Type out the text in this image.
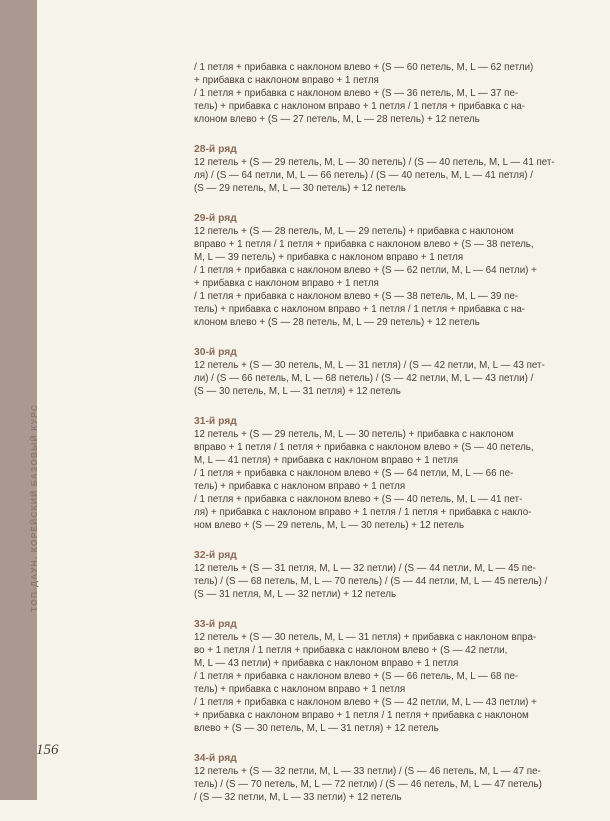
ТОП-ДАУН. КОРЕЙСКИЙ БАЗОВЫЙ КУРС
156
/ 1 петля + прибавка с наклоном влево + (S — 60 петель, M, L — 62 петли)
+ прибавка с наклоном вправо + 1 петля
/ 1 петля + прибавка с наклоном влево + (S — 36 петель, M, L — 37 пе-
тель) + прибавка с наклоном вправо + 1 петля / 1 петля + прибавка с на-
клоном влево + (S — 27 петель, M, L — 28 петель) + 12 петель
28-й ряд
12 петель + (S — 29 петель, M, L — 30 петель) / (S — 40 петель, M, L — 41 пет-
ля) / (S — 64 петли, M, L — 66 петель) / (S — 40 петель, M, L — 41 петля) /
(S — 29 петель, M, L — 30 петель) + 12 петель
29-й ряд
12 петель + (S — 28 петель, M, L — 29 петель) + прибавка с наклоном
вправо + 1 петля / 1 петля + прибавка с наклоном влево + (S — 38 петель,
M, L — 39 петель) + прибавка с наклоном вправо + 1 петля
/ 1 петля + прибавка с наклоном влево + (S — 62 петли, M, L — 64 петли) +
+ прибавка с наклоном вправо + 1 петля
/ 1 петля + прибавка с наклоном влево + (S — 38 петель, M, L — 39 пе-
тель) + прибавка с наклоном вправо + 1 петля / 1 петля + прибавка с на-
клоном влево + (S — 28 петель, M, L — 29 петель) + 12 петель
30-й ряд
12 петель + (S — 30 петель, M, L — 31 петля) / (S — 42 петли, M, L — 43 пет-
ли) / (S — 66 петель, M, L — 68 петель) / (S — 42 петли, M, L — 43 петли) /
(S — 30 петель, M, L — 31 петля) + 12 петель
31-й ряд
12 петель + (S — 29 петель, M, L — 30 петель) + прибавка с наклоном
вправо + 1 петля / 1 петля + прибавка с наклоном влево + (S — 40 петель,
M, L — 41 петля) + прибавка с наклоном вправо + 1 петля
/ 1 петля + прибавка с наклоном влево + (S — 64 петли, M, L — 66 пе-
тель) + прибавка с наклоном вправо + 1 петля
/ 1 петля + прибавка с наклоном влево + (S — 40 петель, M, L — 41 пет-
ля) + прибавка с наклоном вправо + 1 петля / 1 петля + прибавка с накло-
ном влево + (S — 29 петель, M, L — 30 петель) + 12 петель
32-й ряд
12 петель + (S — 31 петля, M, L — 32 петли) / (S — 44 петли, M, L — 45 пе-
тель) / (S — 68 петель, M, L — 70 петель) / (S — 44 петли, M, L — 45 петель) /
(S — 31 петля, M, L — 32 петли) + 12 петель
33-й ряд
12 петель + (S — 30 петель, M, L — 31 петля) + прибавка с наклоном впра-
во + 1 петля / 1 петля + прибавка с наклоном влево + (S — 42 петли,
M, L — 43 петли) + прибавка с наклоном вправо + 1 петля
/ 1 петля + прибавка с наклоном влево + (S — 66 петель, M, L — 68 пе-
тель) + прибавка с наклоном вправо + 1 петля
/ 1 петля + прибавка с наклоном влево + (S — 42 петли, M, L — 43 петли) +
+ прибавка с наклоном вправо + 1 петля / 1 петля + прибавка с наклоном
влево + (S — 30 петель, M, L — 31 петля) + 12 петель
34-й ряд
12 петель + (S — 32 петли, M, L — 33 петли) / (S — 46 петель, M, L — 47 пе-
тель) / (S — 70 петель, M, L — 72 петли) / (S — 46 петель, M, L — 47 петель)
/ (S — 32 петли, M, L — 33 петли) + 12 петель
